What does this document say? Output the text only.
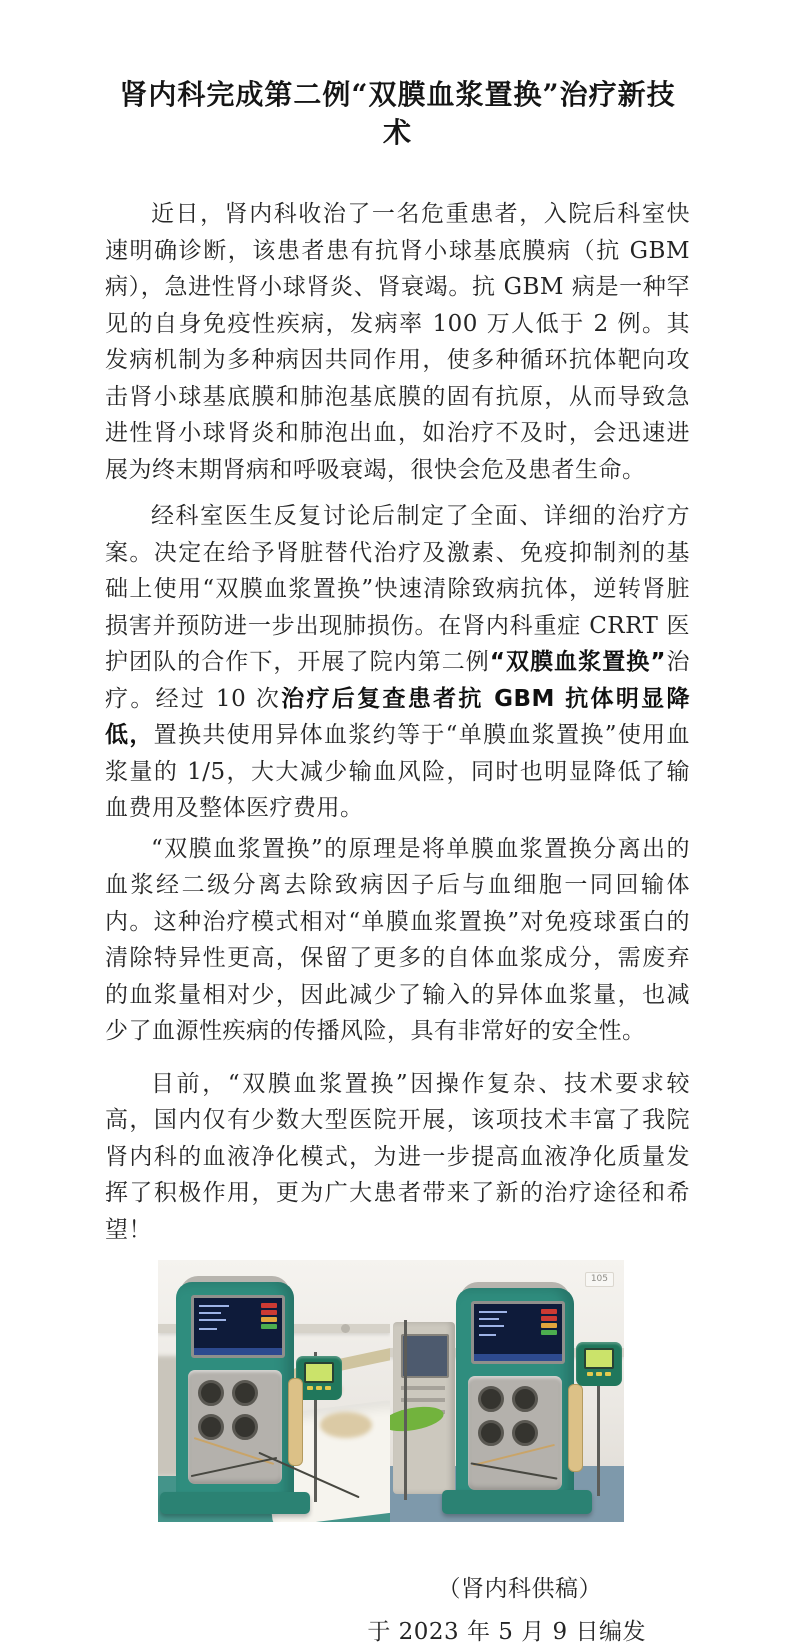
肾内科完成第二例“双膜血浆置换”治疗新技术

近日，肾内科收治了一名危重患者，入院后科室快速明确诊断，该患者患有抗肾小球基底膜病（抗 GBM 病），急进性肾小球肾炎、肾衰竭。抗 GBM 病是一种罕见的自身免疫性疾病，发病率 100 万人低于 2 例。其发病机制为多种病因共同作用，使多种循环抗体靶向攻击肾小球基底膜和肺泡基底膜的固有抗原，从而导致急进性肾小球肾炎和肺泡出血，如治疗不及时，会迅速进展为终末期肾病和呼吸衰竭，很快会危及患者生命。

经科室医生反复讨论后制定了全面、详细的治疗方案。决定在给予肾脏替代治疗及激素、免疫抑制剂的基础上使用“双膜血浆置换”快速清除致病抗体，逆转肾脏损害并预防进一步出现肺损伤。在肾内科重症 CRRT 医护团队的合作下，开展了院内第二例“双膜血浆置换”治疗。经过 10 次治疗后复查患者抗 GBM 抗体明显降低，置换共使用异体血浆约等于“单膜血浆置换”使用血浆量的 1/5，大大减少输血风险，同时也明显降低了输血费用及整体医疗费用。

“双膜血浆置换”的原理是将单膜血浆置换分离出的血浆经二级分离去除致病因子后与血细胞一同回输体内。这种治疗模式相对“单膜血浆置换”对免疫球蛋白的清除特异性更高，保留了更多的自体血浆成分，需废弃的血浆量相对少，因此减少了输入的异体血浆量，也减少了血源性疾病的传播风险，具有非常好的安全性。

目前，“双膜血浆置换”因操作复杂、技术要求较高，国内仅有少数大型医院开展，该项技术丰富了我院肾内科的血液净化模式，为进一步提高血液净化质量发挥了积极作用，更为广大患者带来了新的治疗途径和希望！

105
（肾内科供稿）
于 2023 年 5 月 9 日编发
